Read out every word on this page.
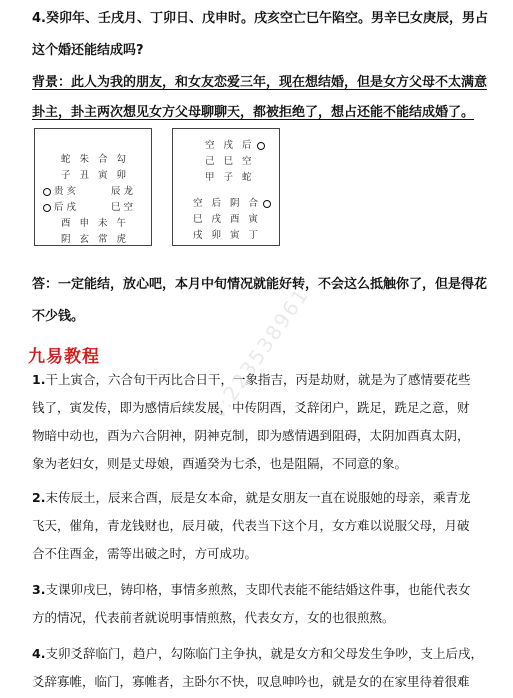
4.癸卯年、壬戌月、丁卯日、戊申时。戌亥空亡巳午陷空。男辛巳女庚辰，男占
这个婚还能结成吗?
背景：此人为我的朋友，和女友恋爱三年，现在想结婚，但是女方父母不太满意
卦主，卦主两次想见女方父母聊聊天，都被拒绝了，想占还能不能结成婚了。
蛇 朱 合 勾
子 丑 寅 卯
贵亥	辰龙
后戌	巳空
酉 申 未 午
阴 玄 常 虎
空 戌 后
己 巳 空
甲 子 蛇
空 后 阴 合
巳 戌 酉 寅
戌 卯 寅 丁
答：一定能结，放心吧，本月中旬情况就能好转，不会这么抵触你了，但是得花
不少钱。
九易教程	V:223538961
1.干上寅合，六合旬干丙比合日干，一象指吉，丙是劫财，就是为了感情要花些
钱了，寅发传，即为感情后续发展，中传阴酉，爻辞闭户，跣足，跣足之意，财
物暗中动也，酉为六合阴神，阴神克制，即为感情遇到阻碍，太阴加酉真太阴，
象为老妇女，则是丈母娘，酉遁癸为七杀，也是阻隔，不同意的象。
2.末传辰土，辰来合酉，辰是女本命，就是女朋友一直在说服她的母亲，乘青龙
飞天，催角，青龙钱财也，辰月破，代表当下这个月，女方难以说服父母，月破
合不住酉金，需等出破之时，方可成功。
3.支课卯戌巳，铸印格，事情多煎熬，支即代表能不能结婚这件事，也能代表女
方的情况，代表前者就说明事情煎熬，代表女方，女的也很煎熬。
4.支卯爻辞临门，趋户，勾陈临门主争执，就是女方和父母发生争吵，支上后戌，
爻辞寡帷，临门，寡帷者，主卧尔不快，叹息呻吟也，就是女的在家里待着很难
